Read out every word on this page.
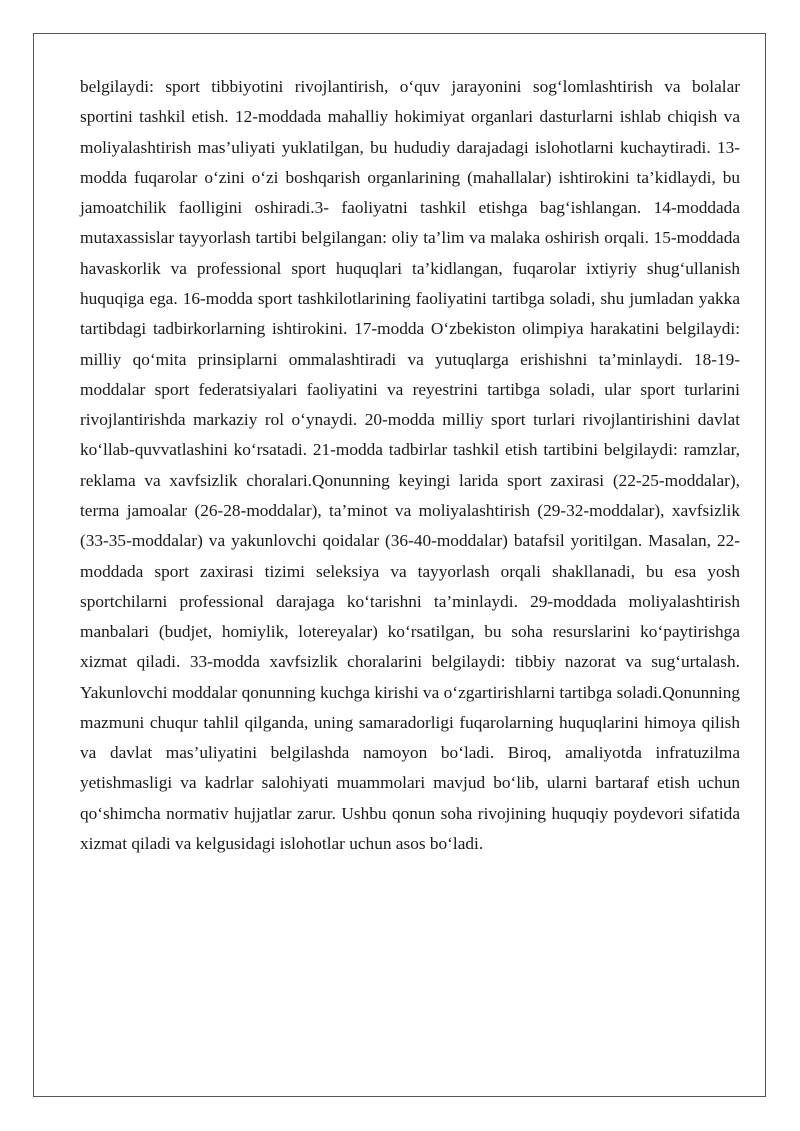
belgilaydi: sport tibbiyotini rivojlantirish, o‘quv jarayonini sog‘lomlashtirish va bolalar sportini tashkil etish. 12-moddada mahalliy hokimiyat organlari dasturlarni ishlab chiqish va moliyalashtirish mas’uliyati yuklatilgan, bu hududiy darajadagi islohotlarni kuchaytiradi. 13-modda fuqarolar o‘zini o‘zi boshqarish organlarining (mahallalar) ishtirokini ta’kidlaydi, bu jamoatchilik faolligini oshiradi.3- faoliyatni tashkil etishga bag‘ishlangan. 14-moddada mutaxassislar tayyorlash tartibi belgilangan: oliy ta’lim va malaka oshirish orqali. 15-moddada havaskorlik va professional sport huquqlari ta’kidlangan, fuqarolar ixtiyriy shug‘ullanish huquqiga ega. 16-modda sport tashkilotlarining faoliyatini tartibga soladi, shu jumladan yakka tartibdagi tadbirkorlarning ishtirokini. 17-modda O‘zbekiston olimpiya harakatini belgilaydi: milliy qo‘mita prinsiplarni ommalashtiradi va yutuqlarga erishishni ta’minlaydi. 18-19-moddalar sport federatsiyalari faoliyatini va reyestrini tartibga soladi, ular sport turlarini rivojlantirishda markaziy rol o‘ynaydi. 20-modda milliy sport turlari rivojlantirishini davlat ko‘llab-quvvatlashini ko‘rsatadi. 21-modda tadbirlar tashkil etish tartibini belgilaydi: ramzlar, reklama va xavfsizlik choralari.Qonunning keyingi larida sport zaxirasi (22-25-moddalar), terma jamoalar (26-28-moddalar), ta’minot va moliyalashtirish (29-32-moddalar), xavfsizlik (33-35-moddalar) va yakunlovchi qoidalar (36-40-moddalar) batafsil yoritilgan. Masalan, 22-moddada sport zaxirasi tizimi seleksiya va tayyorlash orqali shakllanadi, bu esa yosh sportchilarni professional darajaga ko‘tarishni ta’minlaydi. 29-moddada moliyalashtirish manbalari (budjet, homiylik, lotereyalar) ko‘rsatilgan, bu soha resurslarini ko‘paytirishga xizmat qiladi. 33-modda xavfsizlik choralarini belgilaydi: tibbiy nazorat va sug‘urtalash. Yakunlovchi moddalar qonunning kuchga kirishi va o‘zgartirishlarni tartibga soladi.Qonunning mazmuni chuqur tahlil qilganda, uning samaradorligi fuqarolarning huquqlarini himoya qilish va davlat mas’uliyatini belgilashda namoyon bo‘ladi. Biroq, amaliyotda infratuzilma yetishmasligi va kadrlar salohiyati muammolari mavjud bo‘lib, ularni bartaraf etish uchun qo‘shimcha normativ hujjatlar zarur. Ushbu qonun soha rivojining huquqiy poydevori sifatida xizmat qiladi va kelgusidagi islohotlar uchun asos bo‘ladi.
